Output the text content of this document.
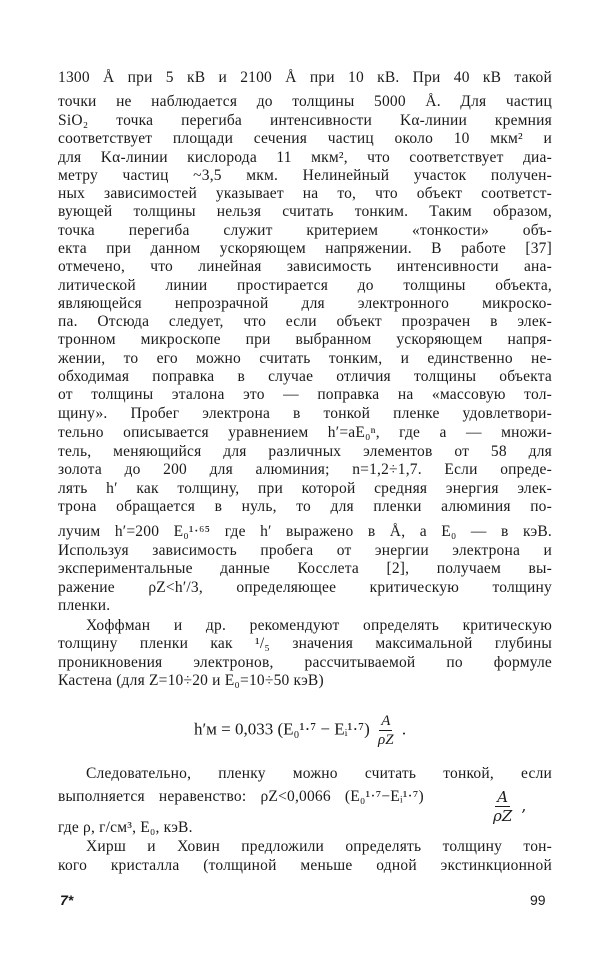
1300 Å при 5 кВ и 2100 Å при 10 кВ. При 40 кВ такой
точки не наблюдается до толщины 5000 Å. Для частиц
SiO₂ точка перегиба интенсивности Kα-линии кремния
соответствует площади сечения частиц около 10 мкм² и
для Kα-линии кислорода 11 мкм², что соответствует диа-
метру частиц ~3,5 мкм. Нелинейный участок получен-
ных зависимостей указывает на то, что объект соответст-
вующей толщины нельзя считать тонким. Таким образом,
точка перегиба служит критерием «тонкости» объ-
екта при данном ускоряющем напряжении. В работе [37]
отмечено, что линейная зависимость интенсивности ана-
литической линии простирается до толщины объекта,
являющейся непрозрачной для электронного микроско-
па. Отсюда следует, что если объект прозрачен в элек-
тронном микроскопе при выбранном ускоряющем напря-
жении, то его можно считать тонким, и единственно не-
обходимая поправка в случае отличия толщины объекта
от толщины эталона это — поправка на «массовую тол-
щину». Пробег электрона в тонкой пленке удовлетвори-
тельно описывается уравнением h′=aE₀ⁿ, где a — множи-
тель, меняющийся для различных элементов от 58 для
золота до 200 для алюминия; n=1,2÷1,7. Если опреде-
лять h′ как толщину, при которой средняя энергия элек-
трона обращается в нуль, то для пленки алюминия по-
лучим h′=200 E₀¹·⁶⁵ где h′ выражено в Å, а E₀ — в кэВ.
Используя зависимость пробега от энергии электрона и
экспериментальные данные Косслета [2], получаем вы-
ражение ρZ<h′/3, определяющее критическую толщину
пленки.
Хоффман и др. рекомендуют определять критическую
толщину пленки как ¹/₅ значения максимальной глубины
проникновения электронов, рассчитываемой по формуле
Кастена (для Z=10÷20 и E₀=10÷50 кэВ)
Следовательно, пленку можно считать тонкой, если
выполняется неравенство: ρZ<0,0066 (E₀¹·⁷−Eᵢ¹·⁷)
где ρ, г/см³, E₀, кэВ.
Хирш и Ховин предложили определять толщину тон-
кого кристалла (толщиной меньше одной экстинкционной
h′м = 0,033 (E₀¹·⁷ − Eᵢ¹·⁷) $\frac{A}{\rho Z}$ .
$\frac{A}{\rho Z}$ ,
7*	99
